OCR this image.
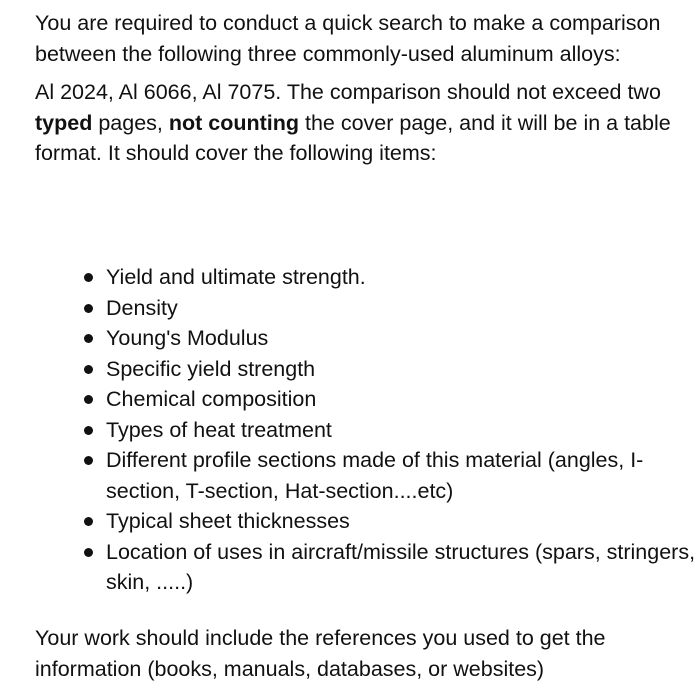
You are required to conduct a quick search to make a comparison between the following three commonly-used aluminum alloys:

Al 2024, Al 6066, Al 7075. The comparison should not exceed two typed pages, not counting the cover page, and it will be in a table format. It should cover the following items:

Yield and ultimate strength.
Density
Young's Modulus
Specific yield strength
Chemical composition
Types of heat treatment
Different profile sections made of this material (angles, I-section, T-section, Hat-section....etc)
Typical sheet thicknesses
Location of uses in aircraft/missile structures (spars, stringers, skin, .....)

Your work should include the references you used to get the information (books, manuals, databases, or websites)
